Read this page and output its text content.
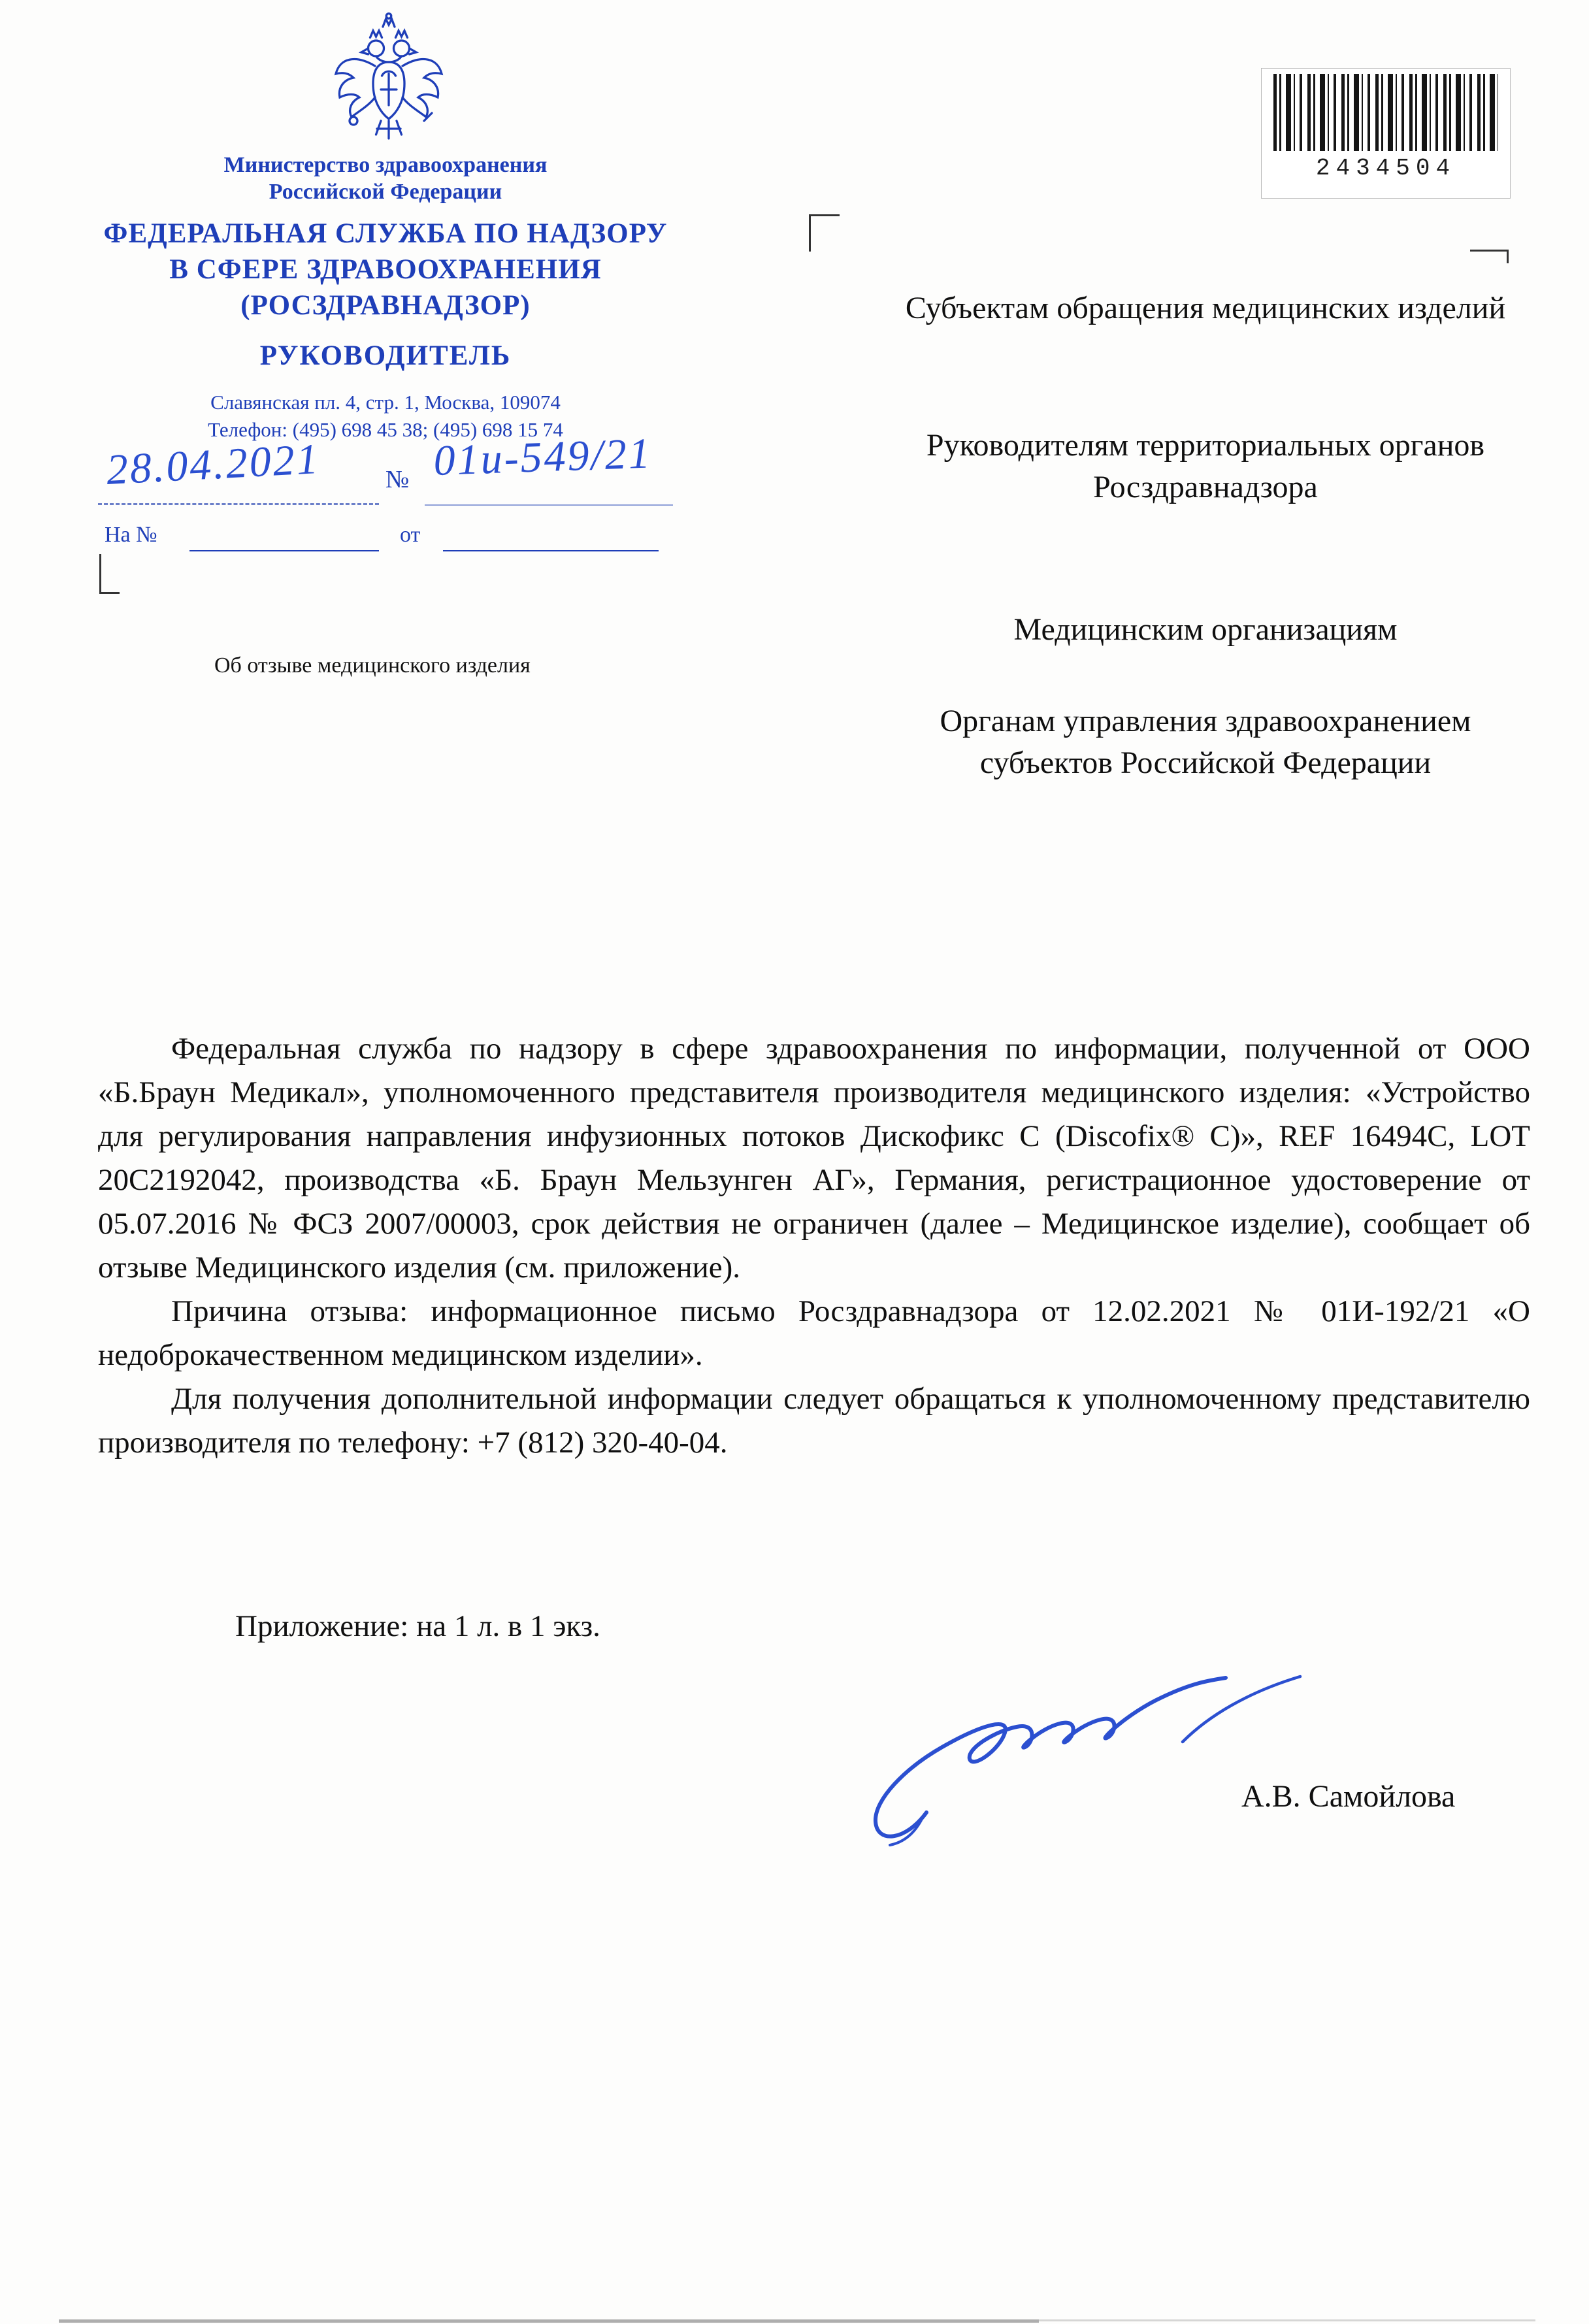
Министерство здравоохранения
Российской Федерации
ФЕДЕРАЛЬНАЯ СЛУЖБА ПО НАДЗОРУ
В СФЕРЕ ЗДРАВООХРАНЕНИЯ
(РОСЗДРАВНАДЗОР)
РУКОВОДИТЕЛЬ
Славянская пл. 4, стр. 1, Москва, 109074
Телефон: (495) 698 45 38; (495) 698 15 74
28.04.2021	№ 01и-549/21
На №	от
Об отзыве медицинского изделия
2434504
Субъектам обращения медицинских изделий
Руководителям территориальных органов Росздравнадзора
Медицинским организациям
Органам управления здравоохранением субъектов Российской Федерации

Федеральная служба по надзору в сфере здравоохранения по информации, полученной от ООО «Б.Браун Медикал», уполномоченного представителя производителя медицинского изделия: «Устройство для регулирования направления инфузионных потоков Дискофикс С (Discofix® C)», REF 16494C, LOT 20C2192042, производства «Б. Браун Мельзунген АГ», Германия, регистрационное удостоверение от 05.07.2016 № ФСЗ 2007/00003, срок действия не ограничен (далее – Медицинское изделие), сообщает об отзыве Медицинского изделия (см. приложение).

Причина отзыва: информационное письмо Росздравнадзора от 12.02.2021 № 01И-192/21 «О недоброкачественном медицинском изделии».

Для получения дополнительной информации следует обращаться к уполномоченному представителю производителя по телефону: +7 (812) 320-40-04.

Приложение: на 1 л. в 1 экз.
А.В. Самойлова
